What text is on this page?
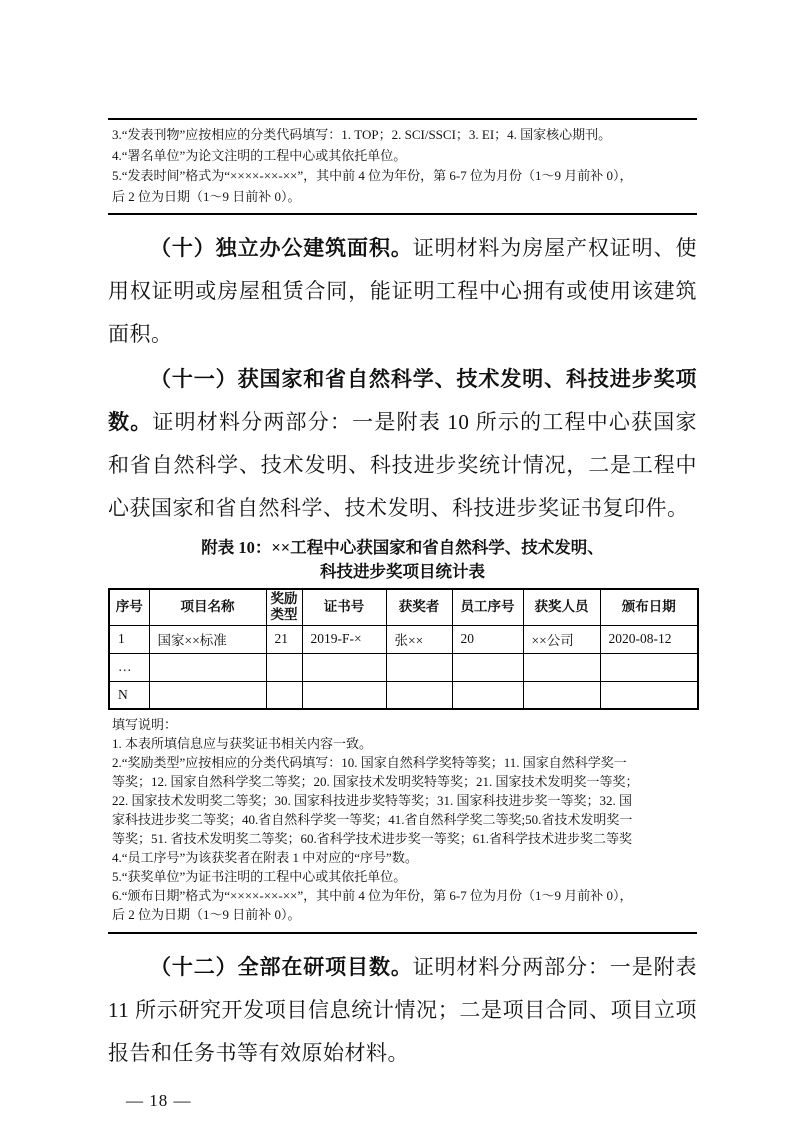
3.“发表刊物”应按相应的分类代码填写：1. TOP；2. SCI/SSCI；3. EI；4. 国家核心期刊。
4.“署名单位”为论文注明的工程中心或其依托单位。
5.“发表时间”格式为“××××-××-××”，其中前 4 位为年份，第 6-7 位为月份（1～9 月前补 0），
后 2 位为日期（1～9 日前补 0）。

（十）独立办公建筑面积。证明材料为房屋产权证明、使用权证明或房屋租赁合同，能证明工程中心拥有或使用该建筑面积。

（十一）获国家和省自然科学、技术发明、科技进步奖项数。证明材料分两部分：一是附表 10 所示的工程中心获国家和省自然科学、技术发明、科技进步奖统计情况，二是工程中心获国家和省自然科学、技术发明、科技进步奖证书复印件。

附表 10：××工程中心获国家和省自然科学、技术发明、
科技进步奖项目统计表
序号	项目名称	奖励类型	证书号	获奖者	员工序号	获奖人员	颁布日期
1	国家××标准	21	2019-F-×	张××	20	××公司	2020-08-12
…							
N							
填写说明：
1. 本表所填信息应与获奖证书相关内容一致。
2.“奖励类型”应按相应的分类代码填写：10. 国家自然科学奖特等奖；11. 国家自然科学奖一
等奖；12. 国家自然科学奖二等奖；20. 国家技术发明奖特等奖；21. 国家技术发明奖一等奖；
22. 国家技术发明奖二等奖；30. 国家科技进步奖特等奖；31. 国家科技进步奖一等奖；32. 国
家科技进步奖二等奖；40.省自然科学奖一等奖；41.省自然科学奖二等奖;50.省技术发明奖一
等奖；51. 省技术发明奖二等奖；60.省科学技术进步奖一等奖；61.省科学技术进步奖二等奖
4.“员工序号”为该获奖者在附表 1 中对应的“序号”数。
5.“获奖单位”为证书注明的工程中心或其依托单位。
6.“颁布日期”格式为“××××-××-××”，其中前 4 位为年份，第 6-7 位为月份（1～9 月前补 0），
后 2 位为日期（1～9 日前补 0）。

（十二）全部在研项目数。证明材料分两部分：一是附表 11 所示研究开发项目信息统计情况；二是项目合同、项目立项报告和任务书等有效原始材料。

— 18 —
